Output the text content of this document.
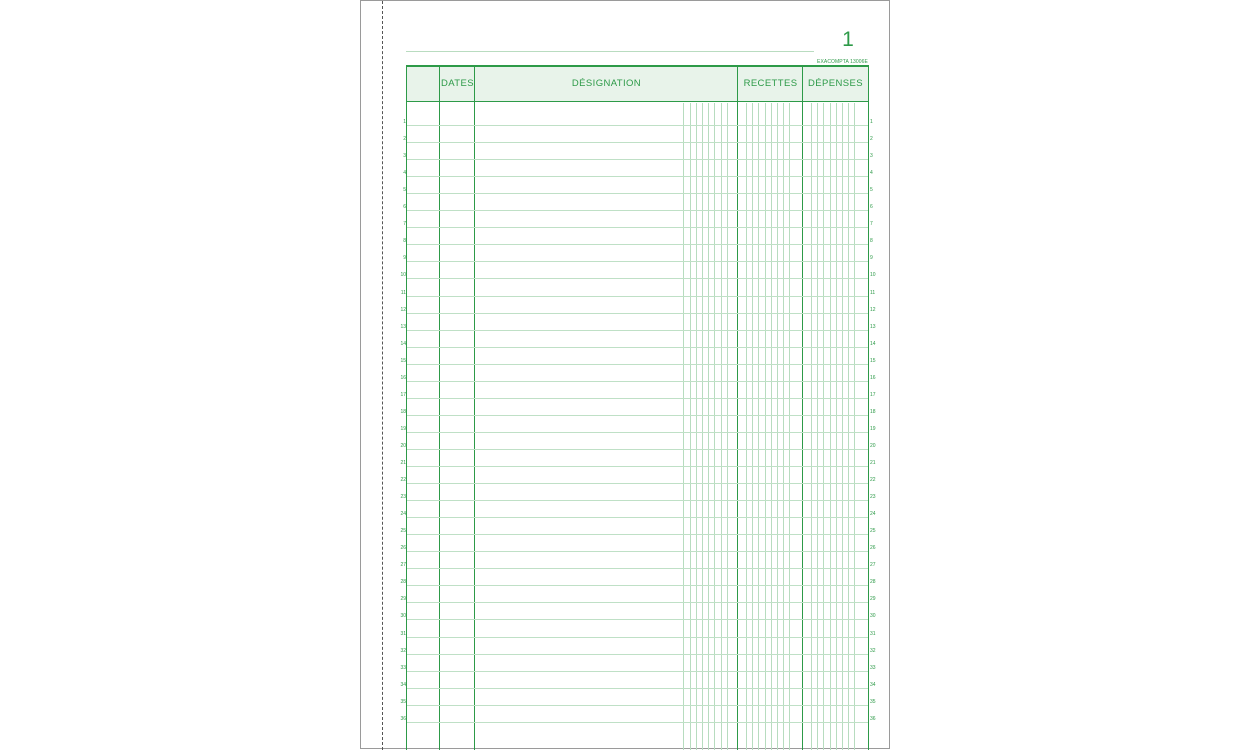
1
EXACOMPTA 13006E
DATES	DÉSIGNATION	RECETTES	DÉPENSES
1	1
2	2
3	3
4	4
5	5
6	6
7	7
8	8
9	9
10	10
11	11
12	12
13	13
14	14
15	15
16	16
17	17
18	18
19	19
20	20
21	21
22	22
23	23
24	24
25	25
26	26
27	27
28	28
29	29
30	30
31	31
32	32
33	33
34	34
35	35
36	36
